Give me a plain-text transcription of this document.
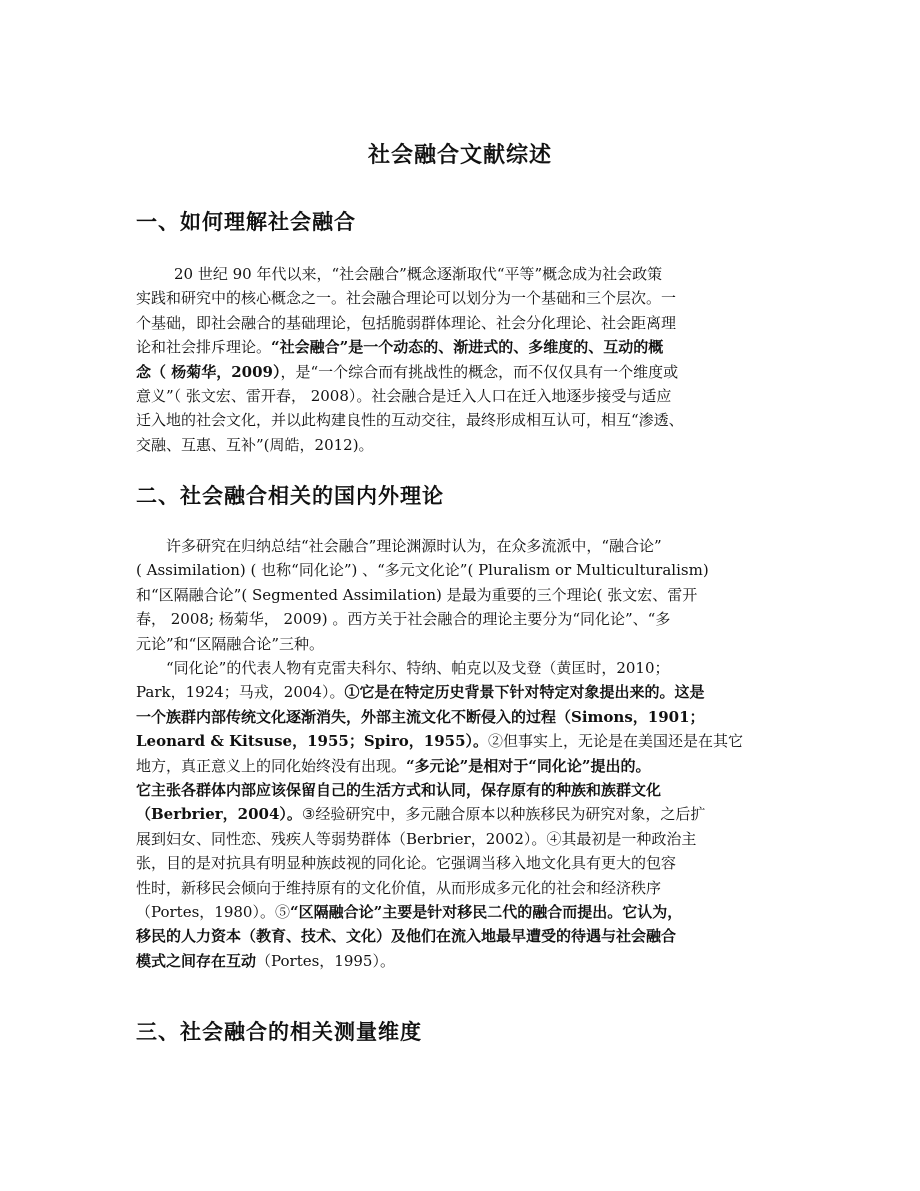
社会融合文献综述
一、如何理解社会融合
20 世纪 90 年代以来，“社会融合”概念逐渐取代“平等”概念成为社会政策
实践和研究中的核心概念之一。社会融合理论可以划分为一个基础和三个层次。一
个基础，即社会融合的基础理论，包括脆弱群体理论、社会分化理论、社会距离理
论和社会排斥理论。“社会融合”是一个动态的、渐进式的、多维度的、互动的概
念（ 杨菊华，2009），是“一个综合而有挑战性的概念，而不仅仅具有一个维度或
意义”（ 张文宏、雷开春， 2008）。社会融合是迁入人口在迁入地逐步接受与适应
迁入地的社会文化，并以此构建良性的互动交往，最终形成相互认可，相互“渗透、
交融、互惠、互补”(周皓，2012)。
二、社会融合相关的国内外理论
许多研究在归纳总结“社会融合”理论渊源时认为，在众多流派中，“融合论”
( Assimilation) ( 也称“同化论”) 、“多元文化论”( Pluralism or Multiculturalism)
和“区隔融合论”( Segmented Assimilation) 是最为重要的三个理论( 张文宏、雷开
春， 2008; 杨菊华， 2009) 。西方关于社会融合的理论主要分为“同化论”、“多
元论”和“区隔融合论”三种。
“同化论”的代表人物有克雷夫科尔、特纳、帕克以及戈登（黄匡时，2010；
Park，1924；马戎，2004）。①它是在特定历史背景下针对特定对象提出来的。这是
一个族群内部传统文化逐渐消失，外部主流文化不断侵入的过程（Simons，1901；
Leonard & Kitsuse，1955；Spiro，1955）。②但事实上，无论是在美国还是在其它
地方，真正意义上的同化始终没有出现。“多元论”是相对于“同化论”提出的。
它主张各群体内部应该保留自己的生活方式和认同，保存原有的种族和族群文化
（Berbrier，2004）。③经验研究中，多元融合原本以种族移民为研究对象，之后扩
展到妇女、同性恋、残疾人等弱势群体（Berbrier，2002）。④其最初是一种政治主
张，目的是对抗具有明显种族歧视的同化论。它强调当移入地文化具有更大的包容
性时，新移民会倾向于维持原有的文化价值，从而形成多元化的社会和经济秩序
（Portes，1980）。⑤“区隔融合论”主要是针对移民二代的融合而提出。它认为，
移民的人力资本（教育、技术、文化）及他们在流入地最早遭受的待遇与社会融合
模式之间存在互动（Portes，1995）。
三、社会融合的相关测量维度
